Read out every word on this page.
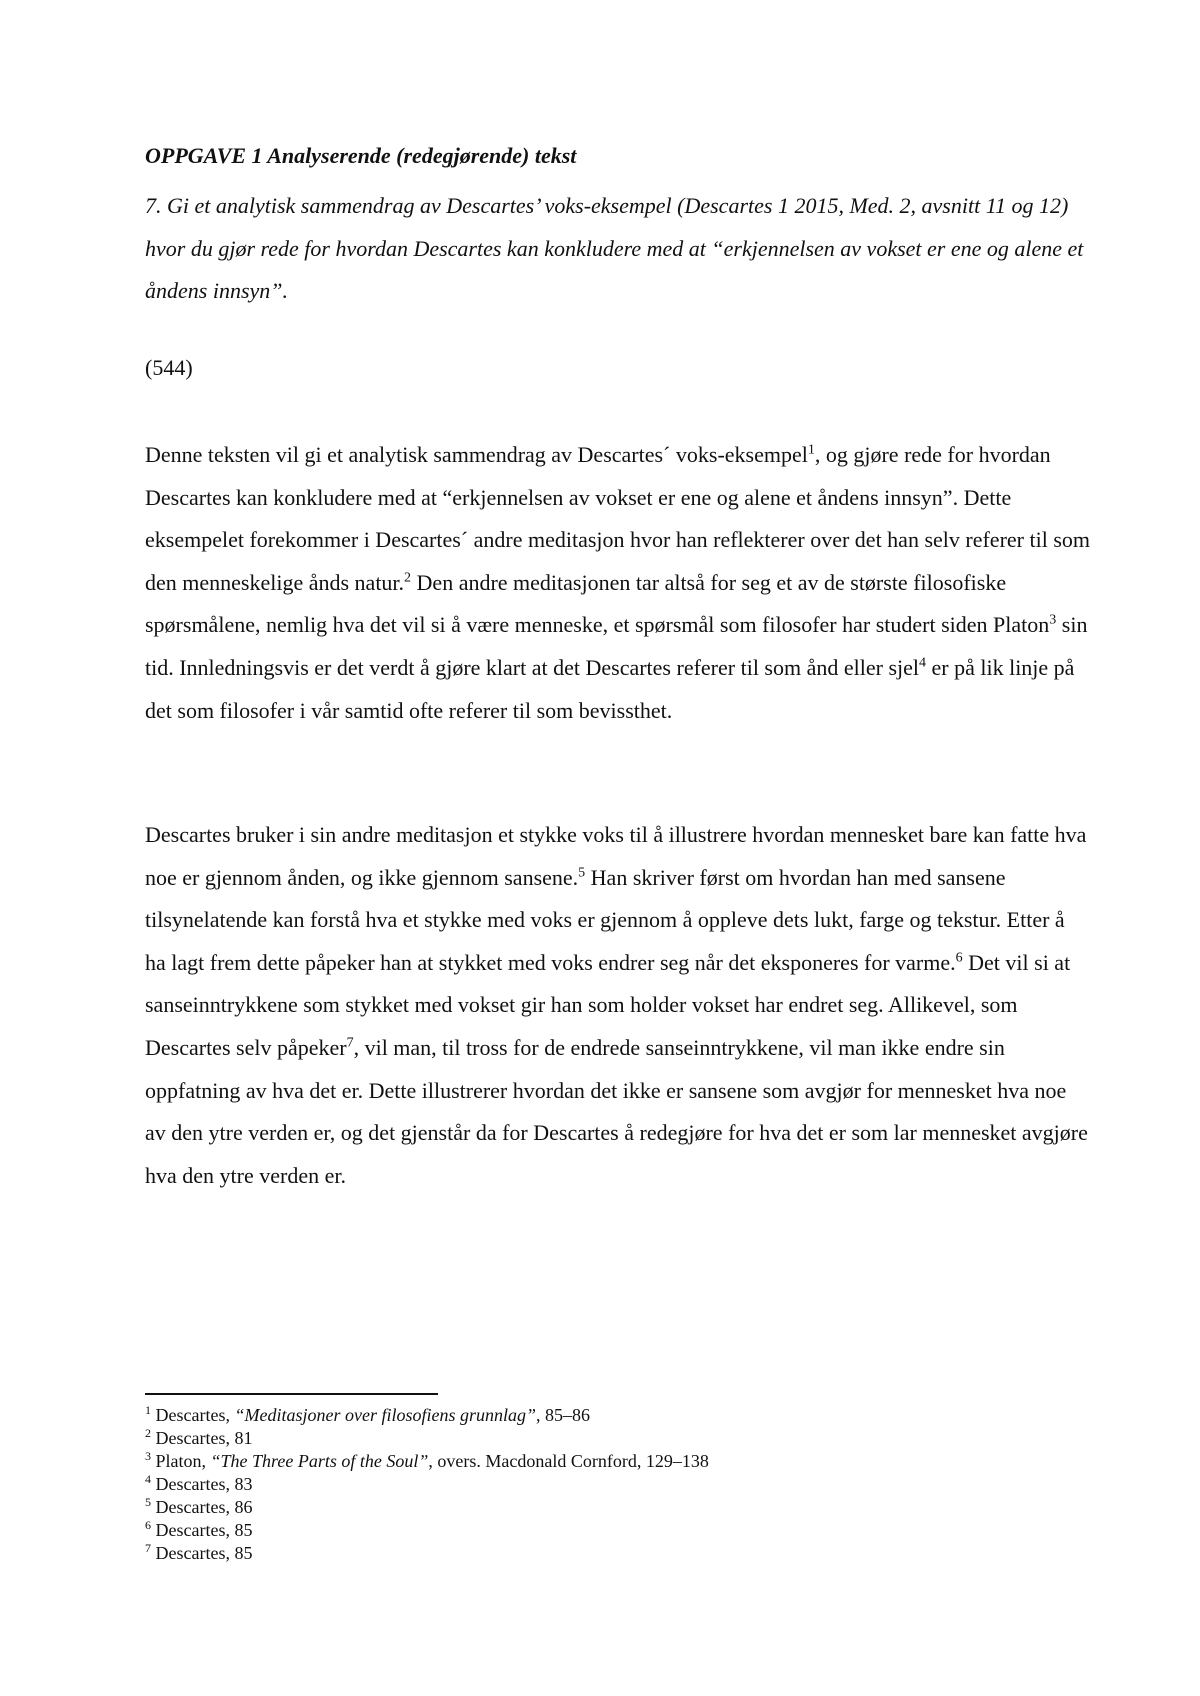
OPPGAVE 1 Analyserende (redegjørende) tekst
7. Gi et analytisk sammendrag av Descartes’ voks-eksempel (Descartes 1 2015, Med. 2, avsnitt 11 og 12) hvor du gjør rede for hvordan Descartes kan konkludere med at “erkjennelsen av vokset er ene og alene et åndens innsyn”.
(544)
Denne teksten vil gi et analytisk sammendrag av Descartes´ voks-eksempel$^1$, og gjøre rede for hvordan Descartes kan konkludere med at “erkjennelsen av vokset er ene og alene et åndens innsyn”. Dette eksempelet forekommer i Descartes´ andre meditasjon hvor han reflekterer over det han selv referer til som den menneskelige ånds natur.$^2$ Den andre meditasjonen tar altså for seg et av de største filosofiske spørsmålene, nemlig hva det vil si å være menneske, et spørsmål som filosofer har studert siden Platon$^3$ sin tid. Innledningsvis er det verdt å gjøre klart at det Descartes referer til som ånd eller sjel$^4$ er på lik linje på det som filosofer i vår samtid ofte referer til som bevissthet.
Descartes bruker i sin andre meditasjon et stykke voks til å illustrere hvordan mennesket bare kan fatte hva noe er gjennom ånden, og ikke gjennom sansene.$^5$ Han skriver først om hvordan han med sansene tilsynelatende kan forstå hva et stykke med voks er gjennom å oppleve dets lukt, farge og tekstur. Etter å ha lagt frem dette påpeker han at stykket med voks endrer seg når det eksponeres for varme.$^6$ Det vil si at sanseinntrykkene som stykket med vokset gir han som holder vokset har endret seg. Allikevel, som Descartes selv påpeker$^7$, vil man, til tross for de endrede sanseinntrykkene, vil man ikke endre sin oppfatning av hva det er. Dette illustrerer hvordan det ikke er sansene som avgjør for mennesket hva noe av den ytre verden er, og det gjenstår da for Descartes å redegjøre for hva det er som lar mennesket avgjøre hva den ytre verden er.
$^1$ Descartes, “Meditasjoner over filosofiens grunnlag”, 85–86
$^2$ Descartes, 81
$^3$ Platon, “The Three Parts of the Soul”, overs. Macdonald Cornford, 129–138
$^4$ Descartes, 83
$^5$ Descartes, 86
$^6$ Descartes, 85
$^7$ Descartes, 85
